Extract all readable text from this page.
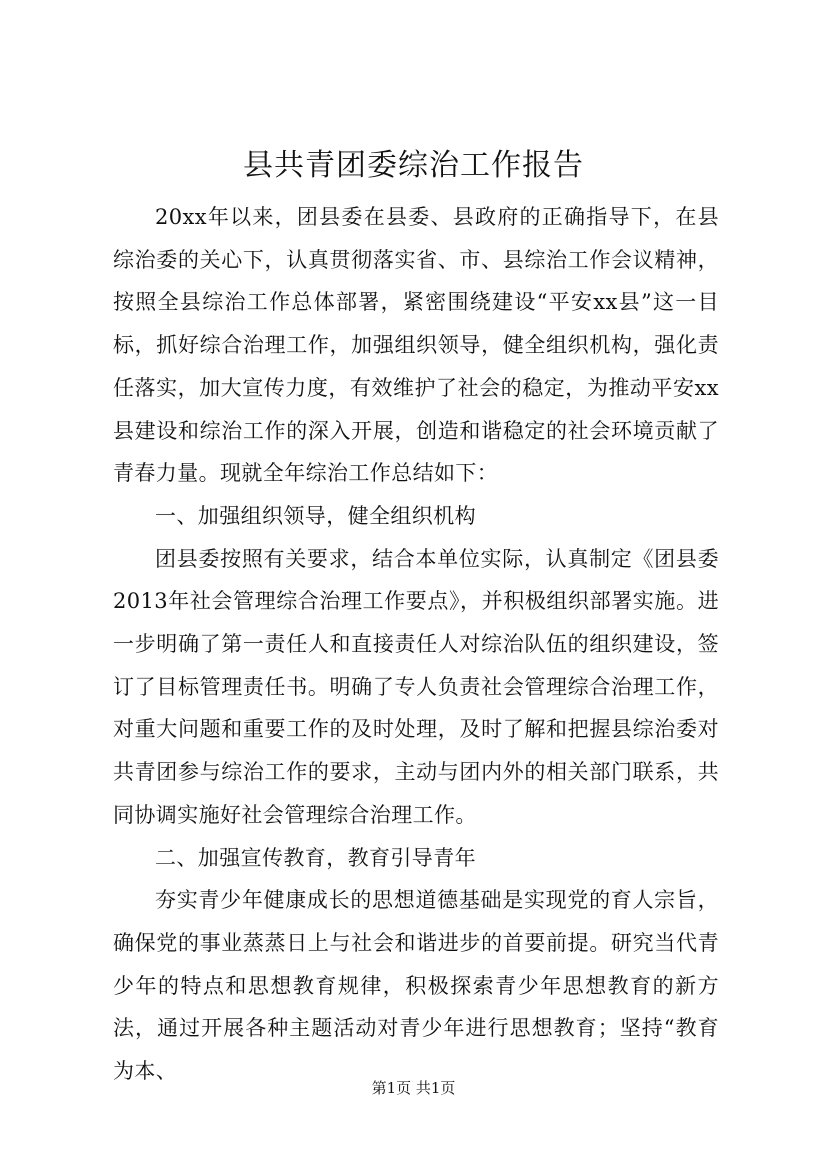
县共青团委综治工作报告

20xx年以来，团县委在县委、县政府的正确指导下，在县综治委的关心下，认真贯彻落实省、市、县综治工作会议精神，按照全县综治工作总体部署，紧密围绕建设“平安xx县”这一目标，抓好综合治理工作，加强组织领导，健全组织机构，强化责任落实，加大宣传力度，有效维护了社会的稳定，为推动平安xx县建设和综治工作的深入开展，创造和谐稳定的社会环境贡献了青春力量。现就全年综治工作总结如下：

一、加强组织领导，健全组织机构

团县委按照有关要求，结合本单位实际，认真制定《团县委2013年社会管理综合治理工作要点》，并积极组织部署实施。进一步明确了第一责任人和直接责任人对综治队伍的组织建设，签订了目标管理责任书。明确了专人负责社会管理综合治理工作，对重大问题和重要工作的及时处理，及时了解和把握县综治委对共青团参与综治工作的要求，主动与团内外的相关部门联系，共同协调实施好社会管理综合治理工作。

二、加强宣传教育，教育引导青年

夯实青少年健康成长的思想道德基础是实现党的育人宗旨，确保党的事业蒸蒸日上与社会和谐进步的首要前提。研究当代青少年的特点和思想教育规律，积极探索青少年思想教育的新方法，通过开展各种主题活动对青少年进行思想教育；坚持“教育为本、

第1页 共1页
